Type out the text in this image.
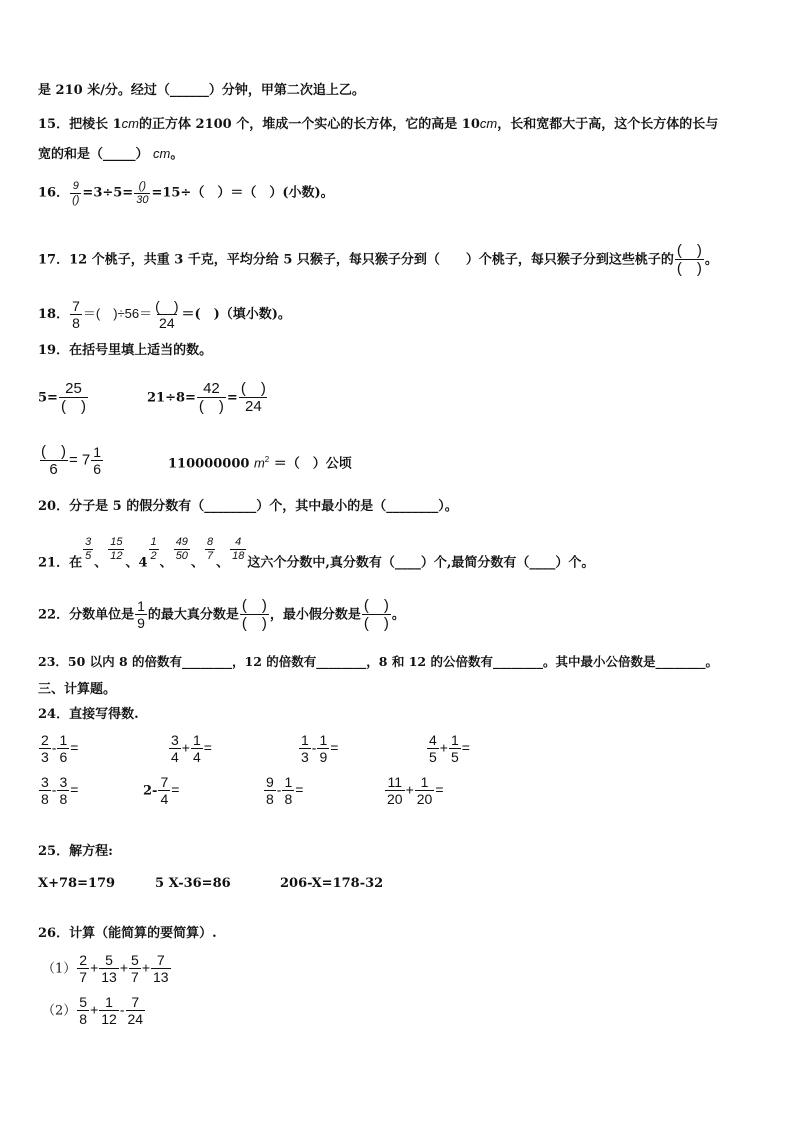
是 210 米/分。经过（______）分钟，甲第二次追上乙。
15．把棱长 1cm的正方体 2100 个，堆成一个实心的长方体，它的高是 10cm，长和宽都大于高，这个长方体的长与
宽的和是（_____） cm。
16． $\frac{9}{()} =3\div 5= \frac{()}{30} =15\div$（　）＝（　）(小数)。
17．12 个桃子，共重 3 千克，平均分给 5 只猴子，每只猴子分到（　　）个桃子，每只猴子分到这些桃子的 $\frac{( )}{( )}$ 。
18． $\frac{7}{8}$ ＝(　)$\div 56= \frac{( )}{24}$ ＝(　)（填小数)。
19．在括号里填上适当的数。
$5= \frac{25}{( )}$	$21\div 8= \frac{42}{( )} = \frac{( )}{24}$
$\frac{( )}{6} = 7 \frac{1}{6}$	110000000 $m^2$ ＝（　）公顷
20．分子是 5 的假分数有（________）个，其中最小的是（________）。
21．在
$\frac{3}{5}$
、
$\frac{15}{12}$
、4
$\frac{1}{2}$
、
$\frac{49}{50}$
、
$\frac{8}{7}$
、
$\frac{4}{18}$
这六个分数中,真分数有（____）个,最简分数有（____）个。
22．分数单位是 $\frac{1}{9}$ 的最大真分数是 $\frac{( )}{( )}$ ，最小假分数是 $\frac{( )}{( )}$ 。
23．50 以内 8 的倍数有________，12 的倍数有________，8 和 12 的公倍数有________。其中最小公倍数是________。
三、计算题。
24．直接写得数.
$\frac{2}{3} - \frac{1}{6}$ =	$\frac{3}{4} + \frac{1}{4}$ =	$\frac{1}{3} - \frac{1}{9}$ =	$\frac{4}{5} + \frac{1}{5}$ =
$\frac{3}{8} - \frac{3}{8}$ =	$2- \frac{7}{4}$ =	$\frac{9}{8} - \frac{1}{8}$ =	$\frac{11}{20} + \frac{1}{20}$ =
25．解方程:
X+78=179	5 X-36=86	206-X=178-32
26．计算（能简算的要简算）.
$(1) \frac{2}{7} + \frac{5}{13} + \frac{5}{7} + \frac{7}{13}$
$(2) \frac{5}{8} + \frac{1}{12} - \frac{7}{24}$
